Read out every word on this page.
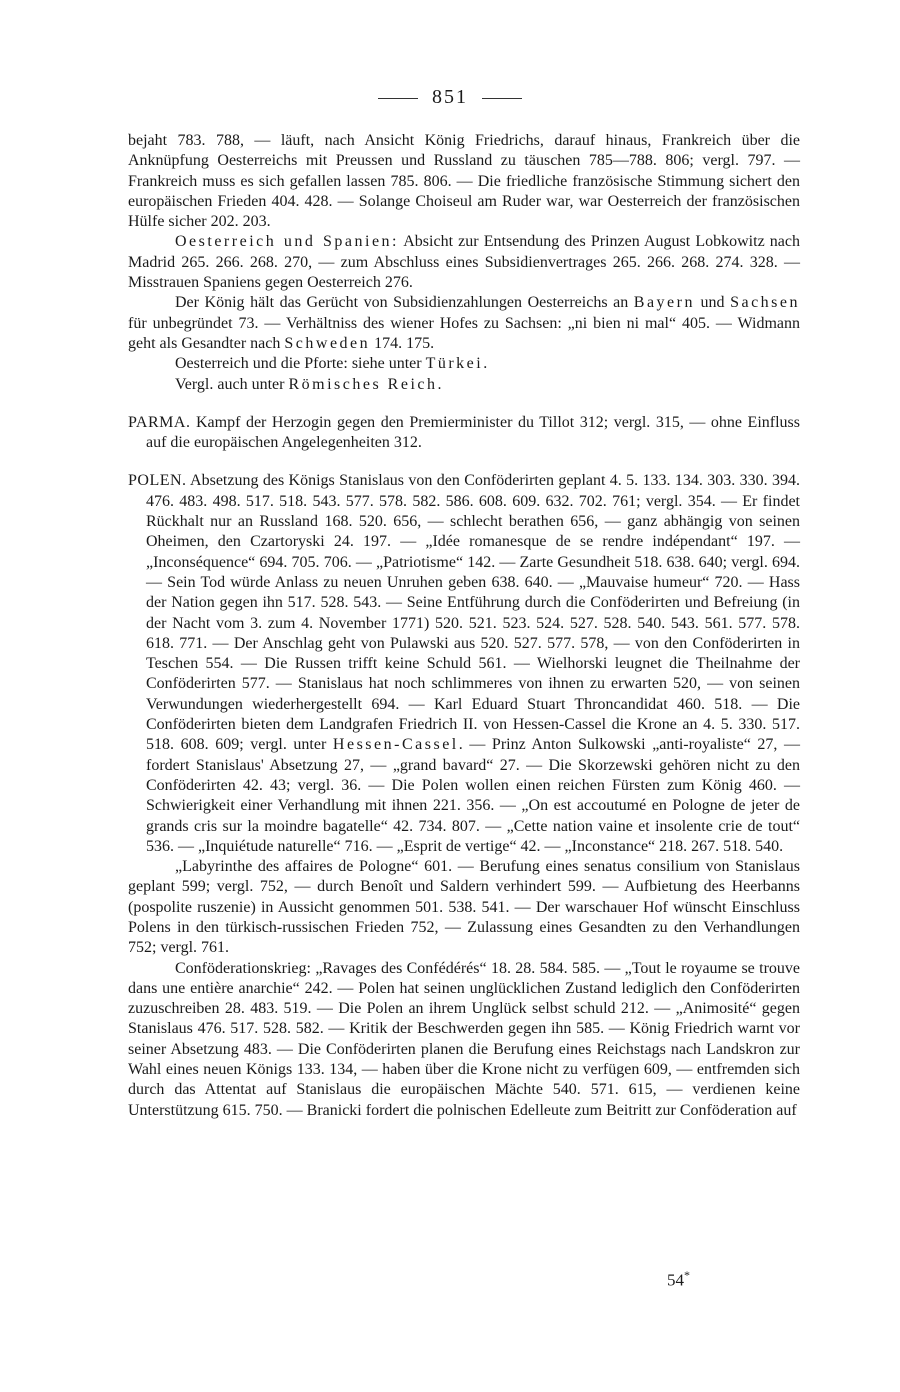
851

bejaht 783. 788, — läuft, nach Ansicht König Friedrichs, darauf hinaus, Frankreich über die Anknüpfung Oesterreichs mit Preussen und Russland zu täuschen 785—788. 806; vergl. 797. — Frankreich muss es sich gefallen lassen 785. 806. — Die friedliche französische Stimmung sichert den europäischen Frieden 404. 428. — Solange Choiseul am Ruder war, war Oesterreich der französischen Hülfe sicher 202. 203.

Oesterreich und Spanien: Absicht zur Entsendung des Prinzen August Lobkowitz nach Madrid 265. 266. 268. 270, — zum Abschluss eines Subsidienvertrages 265. 266. 268. 274. 328. — Misstrauen Spaniens gegen Oesterreich 276.

Der König hält das Gerücht von Subsidienzahlungen Oesterreichs an Bayern und Sachsen für unbegründet 73. — Verhältniss des wiener Hofes zu Sachsen: „ni bien ni mal“ 405. — Widmann geht als Gesandter nach Schweden 174. 175.

Oesterreich und die Pforte: siehe unter Türkei.

Vergl. auch unter Römisches Reich.

PARMA. Kampf der Herzogin gegen den Premierminister du Tillot 312; vergl. 315, — ohne Einfluss auf die europäischen Angelegenheiten 312.

POLEN. Absetzung des Königs Stanislaus von den Conföderirten geplant 4. 5. 133. 134. 303. 330. 394. 476. 483. 498. 517. 518. 543. 577. 578. 582. 586. 608. 609. 632. 702. 761; vergl. 354. — Er findet Rückhalt nur an Russland 168. 520. 656, — schlecht berathen 656, — ganz abhängig von seinen Oheimen, den Czartoryski 24. 197. — „Idée romanesque de se rendre indépendant“ 197. — „Inconséquence“ 694. 705. 706. — „Patriotisme“ 142. — Zarte Gesundheit 518. 638. 640; vergl. 694. — Sein Tod würde Anlass zu neuen Unruhen geben 638. 640. — „Mauvaise humeur“ 720. — Hass der Nation gegen ihn 517. 528. 543. — Seine Entführung durch die Conföderirten und Befreiung (in der Nacht vom 3. zum 4. November 1771) 520. 521. 523. 524. 527. 528. 540. 543. 561. 577. 578. 618. 771. — Der Anschlag geht von Pulawski aus 520. 527. 577. 578, — von den Conföderirten in Teschen 554. — Die Russen trifft keine Schuld 561. — Wielhorski leugnet die Theilnahme der Conföderirten 577. — Stanislaus hat noch schlimmeres von ihnen zu erwarten 520, — von seinen Verwundungen wiederhergestellt 694. — Karl Eduard Stuart Throncandidat 460. 518. — Die Conföderirten bieten dem Landgrafen Friedrich II. von Hessen-Cassel die Krone an 4. 5. 330. 517. 518. 608. 609; vergl. unter Hessen-Cassel. — Prinz Anton Sulkowski „anti-royaliste“ 27, — fordert Stanislaus' Absetzung 27, — „grand bavard“ 27. — Die Skorzewski gehören nicht zu den Conföderirten 42. 43; vergl. 36. — Die Polen wollen einen reichen Fürsten zum König 460. — Schwierigkeit einer Verhandlung mit ihnen 221. 356. — „On est accoutumé en Pologne de jeter de grands cris sur la moindre bagatelle“ 42. 734. 807. — „Cette nation vaine et insolente crie de tout“ 536. — „Inquiétude naturelle“ 716. — „Esprit de vertige“ 42. — „Inconstance“ 218. 267. 518. 540.

„Labyrinthe des affaires de Pologne“ 601. — Berufung eines senatus consilium von Stanislaus geplant 599; vergl. 752, — durch Benoît und Saldern verhindert 599. — Aufbietung des Heerbanns (pospolite ruszenie) in Aussicht genommen 501. 538. 541. — Der warschauer Hof wünscht Einschluss Polens in den türkisch-russischen Frieden 752, — Zulassung eines Gesandten zu den Verhandlungen 752; vergl. 761.

Conföderationskrieg: „Ravages des Confédérés“ 18. 28. 584. 585. — „Tout le royaume se trouve dans une entière anarchie“ 242. — Polen hat seinen unglücklichen Zustand lediglich den Conföderirten zuzuschreiben 28. 483. 519. — Die Polen an ihrem Unglück selbst schuld 212. — „Animosité“ gegen Stanislaus 476. 517. 528. 582. — Kritik der Beschwerden gegen ihn 585. — König Friedrich warnt vor seiner Absetzung 483. — Die Conföderirten planen die Berufung eines Reichstags nach Landskron zur Wahl eines neuen Königs 133. 134, — haben über die Krone nicht zu verfügen 609, — entfremden sich durch das Attentat auf Stanislaus die europäischen Mächte 540. 571. 615, — verdienen keine Unterstützung 615. 750. — Branicki fordert die polnischen Edelleute zum Beitritt zur Conföderation auf

54*
